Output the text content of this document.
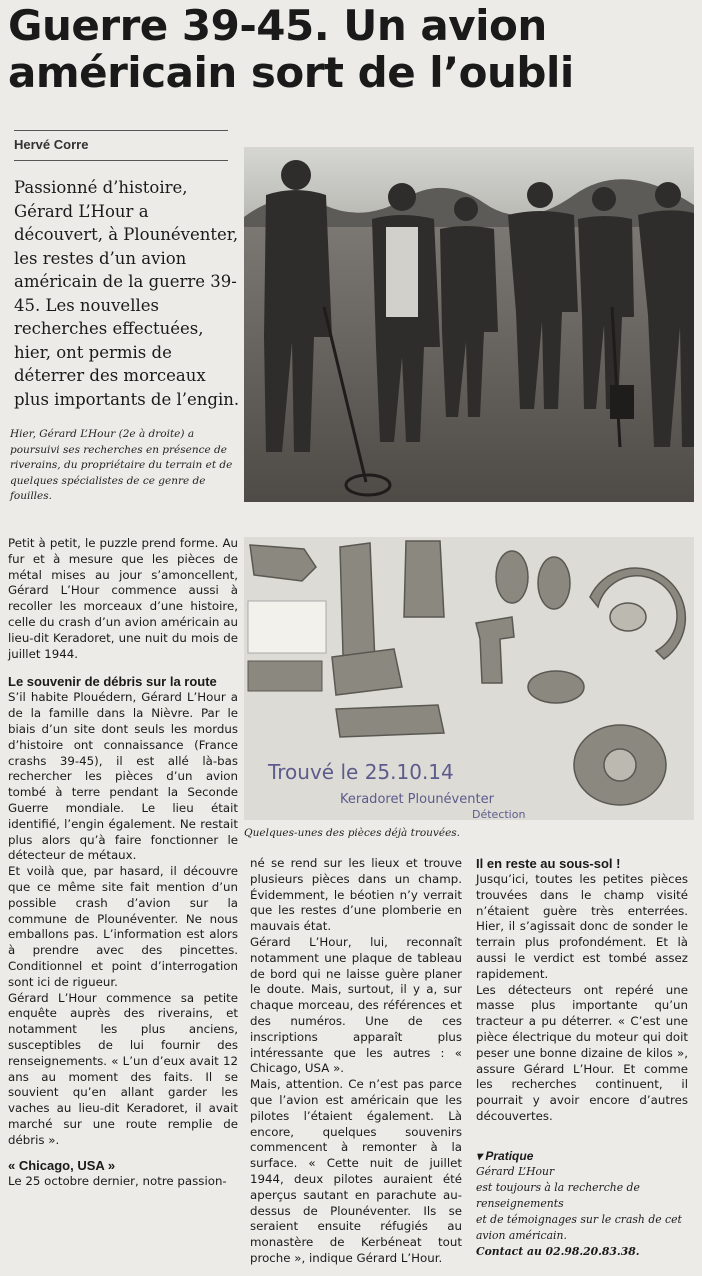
Guerre 39-45. Un avion
américain sort de l’oubli
Hervé Corre

Passionné d’histoire, Gérard L’Hour a découvert, à Plounéventer, les restes d’un avion américain de la guerre 39-45. Les nouvelles recherches effectuées, hier, ont permis de déterrer des morceaux plus importants de l’engin.

Hier, Gérard L’Hour (2e à droite) a poursuivi ses recherches en présence de riverains, du propriétaire du terrain et de quelques spécialistes de ce genre de fouilles.

Trouvé le 25.10.14
Keradoret Plounéventer
Détection

Quelques-unes des pièces déjà trouvées.

Petit à petit, le puzzle prend forme. Au fur et à mesure que les pièces de métal mises au jour s’amoncellent, Gérard L’Hour commence aussi à recoller les morceaux d’une histoire, celle du crash d’un avion américain au lieu-dit Keradoret, une nuit du mois de juillet 1944.

Le souvenir de débris sur la route

S’il habite Plouédern, Gérard L’Hour a de la famille dans la Nièvre. Par le biais d’un site dont seuls les mordus d’histoire ont connaissance (France crashs 39-45), il est allé là-bas rechercher les pièces d’un avion tombé à terre pendant la Seconde Guerre mondiale. Le lieu était identifié, l’engin également. Ne restait plus alors qu’à faire fonctionner le détecteur de métaux.

Et voilà que, par hasard, il découvre que ce même site fait mention d’un possible crash d’avion sur la commune de Plounéventer. Ne nous emballons pas. L’information est alors à prendre avec des pincettes. Conditionnel et point d’interrogation sont ici de rigueur.

Gérard L’Hour commence sa petite enquête auprès des riverains, et notamment les plus anciens, susceptibles de lui fournir des renseignements. « L’un d’eux avait 12 ans au moment des faits. Il se souvient qu’en allant garder les vaches au lieu-dit Keradoret, il avait marché sur une route remplie de débris ».

« Chicago, USA »

Le 25 octobre dernier, notre passion-

né se rend sur les lieux et trouve plusieurs pièces dans un champ. Évidemment, le béotien n’y verrait que les restes d’une plomberie en mauvais état.

Gérard L’Hour, lui, reconnaît notamment une plaque de tableau de bord qui ne laisse guère planer le doute. Mais, surtout, il y a, sur chaque morceau, des références et des numéros. Une de ces inscriptions apparaît plus intéressante que les autres : « Chicago, USA ».

Mais, attention. Ce n’est pas parce que l’avion est américain que les pilotes l’étaient également. Là encore, quelques souvenirs commencent à remonter à la surface. « Cette nuit de juillet 1944, deux pilotes auraient été aperçus sautant en parachute au-dessus de Plounéventer. Ils se seraient ensuite réfugiés au monastère de Kerbéneat tout proche », indique Gérard L’Hour.

Il en reste au sous-sol !

Jusqu’ici, toutes les petites pièces trouvées dans le champ visité n’étaient guère très enterrées. Hier, il s’agissait donc de sonder le terrain plus profondément. Et là aussi le verdict est tombé assez rapidement.

Les détecteurs ont repéré une masse plus importante qu’un tracteur a pu déterrer. « C’est une pièce électrique du moteur qui doit peser une bonne dizaine de kilos », assure Gérard L’Hour. Et comme les recherches continuent, il pourrait y avoir encore d’autres découvertes.

▾ Pratique
Gérard L’Hour
est toujours à la recherche de renseignements
et de témoignages sur le crash de cet avion américain.
Contact au 02.98.20.83.38.
